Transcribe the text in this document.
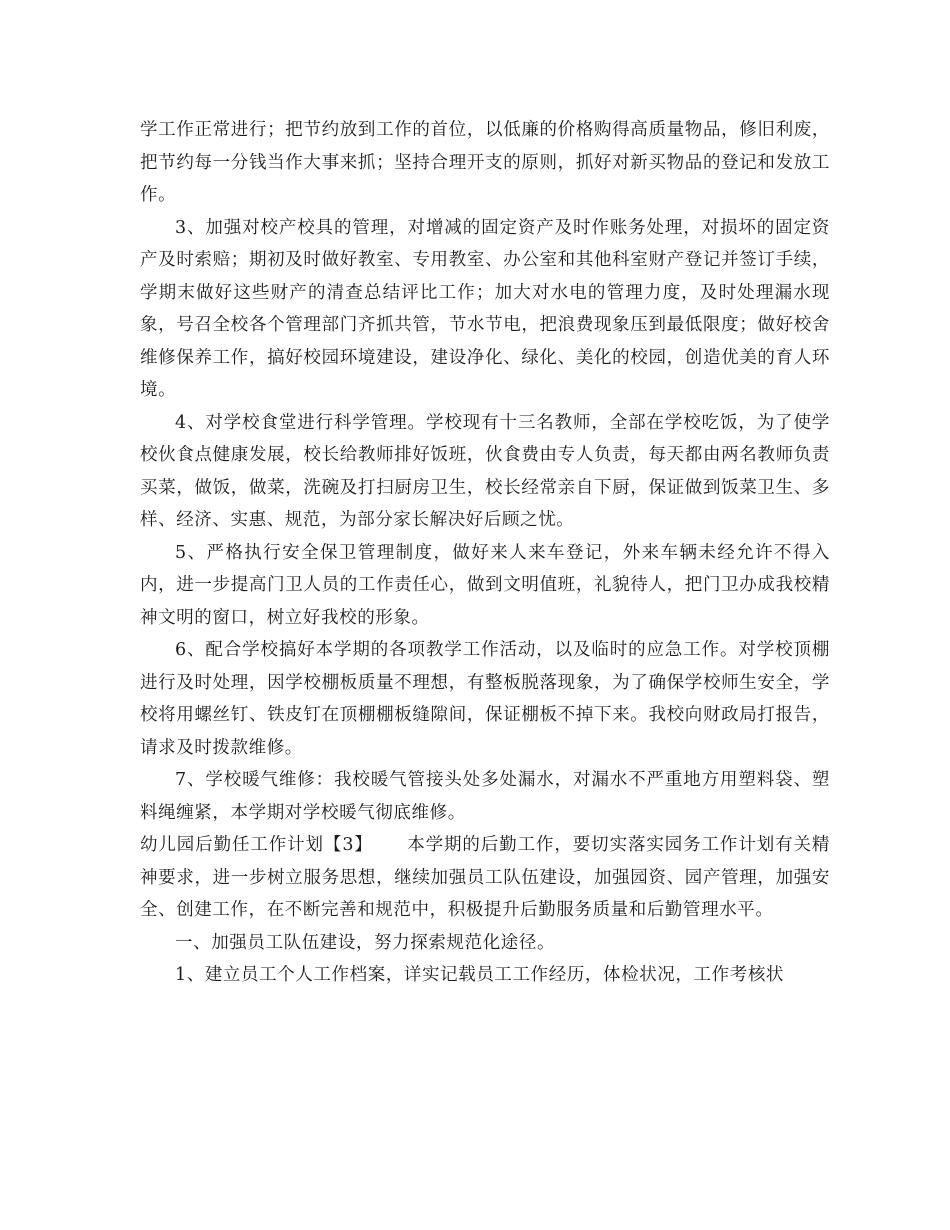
学工作正常进行；把节约放到工作的首位，以低廉的价格购得高质量物品，修旧利废，把节约每一分钱当作大事来抓；坚持合理开支的原则，抓好对新买物品的登记和发放工作。

3、加强对校产校具的管理，对增减的固定资产及时作账务处理，对损坏的固定资产及时索赔；期初及时做好教室、专用教室、办公室和其他科室财产登记并签订手续，学期末做好这些财产的清查总结评比工作；加大对水电的管理力度，及时处理漏水现象，号召全校各个管理部门齐抓共管，节水节电，把浪费现象压到最低限度；做好校舍维修保养工作，搞好校园环境建设，建设净化、绿化、美化的校园，创造优美的育人环境。

4、对学校食堂进行科学管理。学校现有十三名教师，全部在学校吃饭，为了使学校伙食点健康发展，校长给教师排好饭班，伙食费由专人负责，每天都由两名教师负责买菜，做饭，做菜，洗碗及打扫厨房卫生，校长经常亲自下厨，保证做到饭菜卫生、多样、经济、实惠、规范，为部分家长解决好后顾之忧。

5、严格执行安全保卫管理制度，做好来人来车登记，外来车辆未经允许不得入内，进一步提高门卫人员的工作责任心，做到文明值班，礼貌待人，把门卫办成我校精神文明的窗口，树立好我校的形象。

6、配合学校搞好本学期的各项教学工作活动，以及临时的应急工作。对学校顶棚进行及时处理，因学校棚板质量不理想，有整板脱落现象，为了确保学校师生安全，学校将用螺丝钉、铁皮钉在顶棚棚板缝隙间，保证棚板不掉下来。我校向财政局打报告，请求及时拨款维修。

7、学校暖气维修：我校暖气管接头处多处漏水，对漏水不严重地方用塑料袋、塑料绳缠紧，本学期对学校暖气彻底维修。

幼儿园后勤任工作计划【3】　　 本学期的后勤工作，要切实落实园务工作计划有关精神要求，进一步树立服务思想，继续加强员工队伍建设，加强园资、园产管理，加强安全、创建工作，在不断完善和规范中，积极提升后勤服务质量和后勤管理水平。

一、加强员工队伍建设，努力探索规范化途径。

1、建立员工个人工作档案，详实记载员工工作经历，体检状况，工作考核状
